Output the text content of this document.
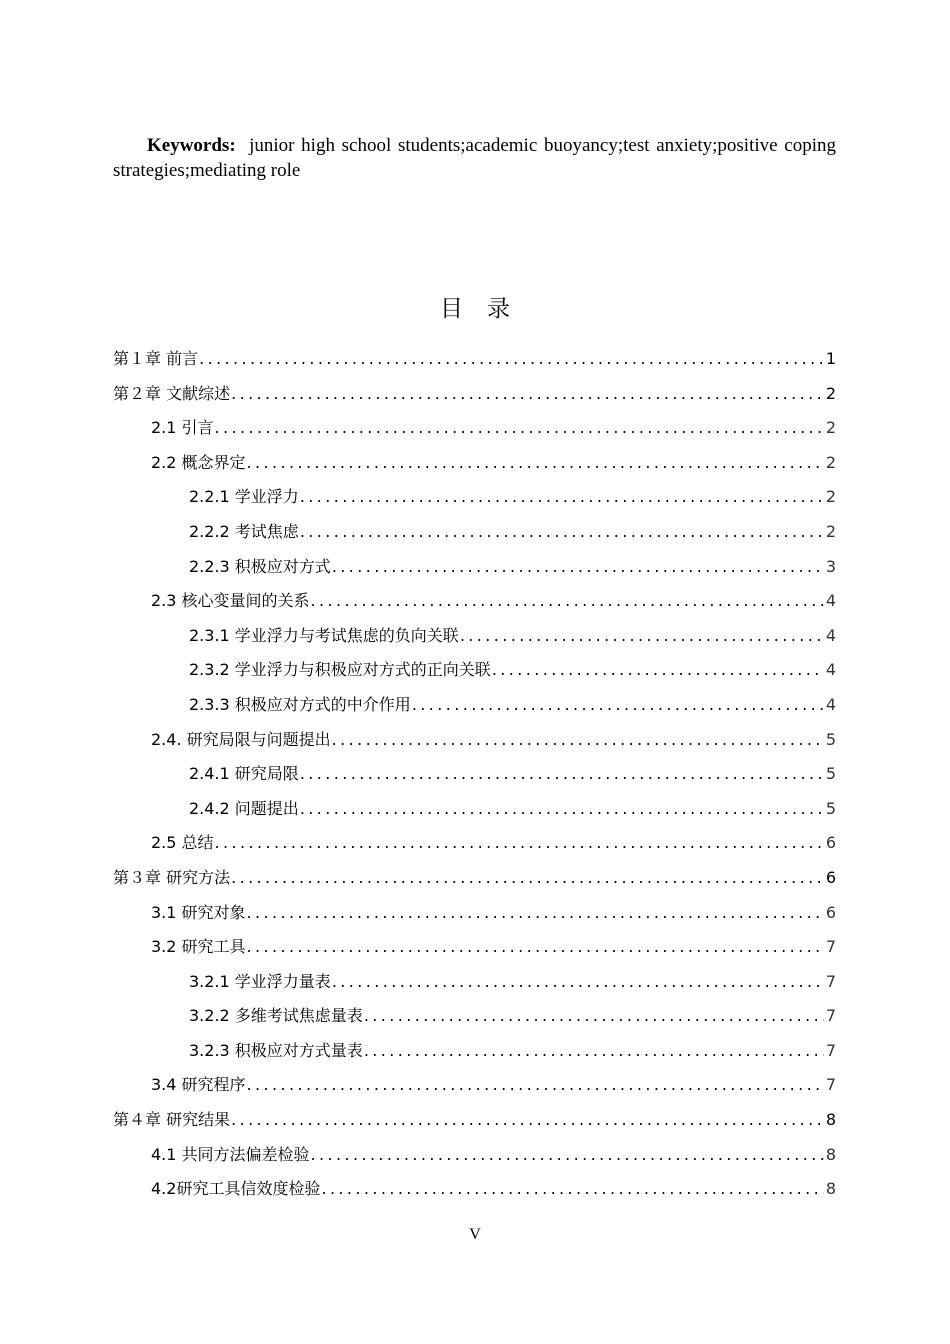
Keywords: junior high school students;academic buoyancy;test anxiety;positive coping strategies;mediating role

目录
第１章 前言 .....	1
第２章 文献综述 .....	2
2.1 引言 .....	2
2.2 概念界定 .....	2
2.2.1 学业浮力 .....	2
2.2.2 考试焦虑 .....	2
2.2.3 积极应对方式 .....	3
2.3 核心变量间的关系 .....	4
2.3.1 学业浮力与考试焦虑的负向关联 .....	4
2.3.2 学业浮力与积极应对方式的正向关联 .....	4
2.3.3 积极应对方式的中介作用 .....	4
2.4. 研究局限与问题提出 .....	5
2.4.1 研究局限 .....	5
2.4.2 问题提出 .....	5
2.5 总结 .....	6
第３章 研究方法 .....	6
3.1 研究对象 .....	6
3.2 研究工具 .....	7
3.2.1 学业浮力量表 .....	7
3.2.2 多维考试焦虑量表 .....	7
3.2.3 积极应对方式量表 .....	7
3.4 研究程序 .....	7
第４章 研究结果 .....	8
4.1 共同方法偏差检验 .....	8
4.2研究工具信效度检验 .....	8
V
